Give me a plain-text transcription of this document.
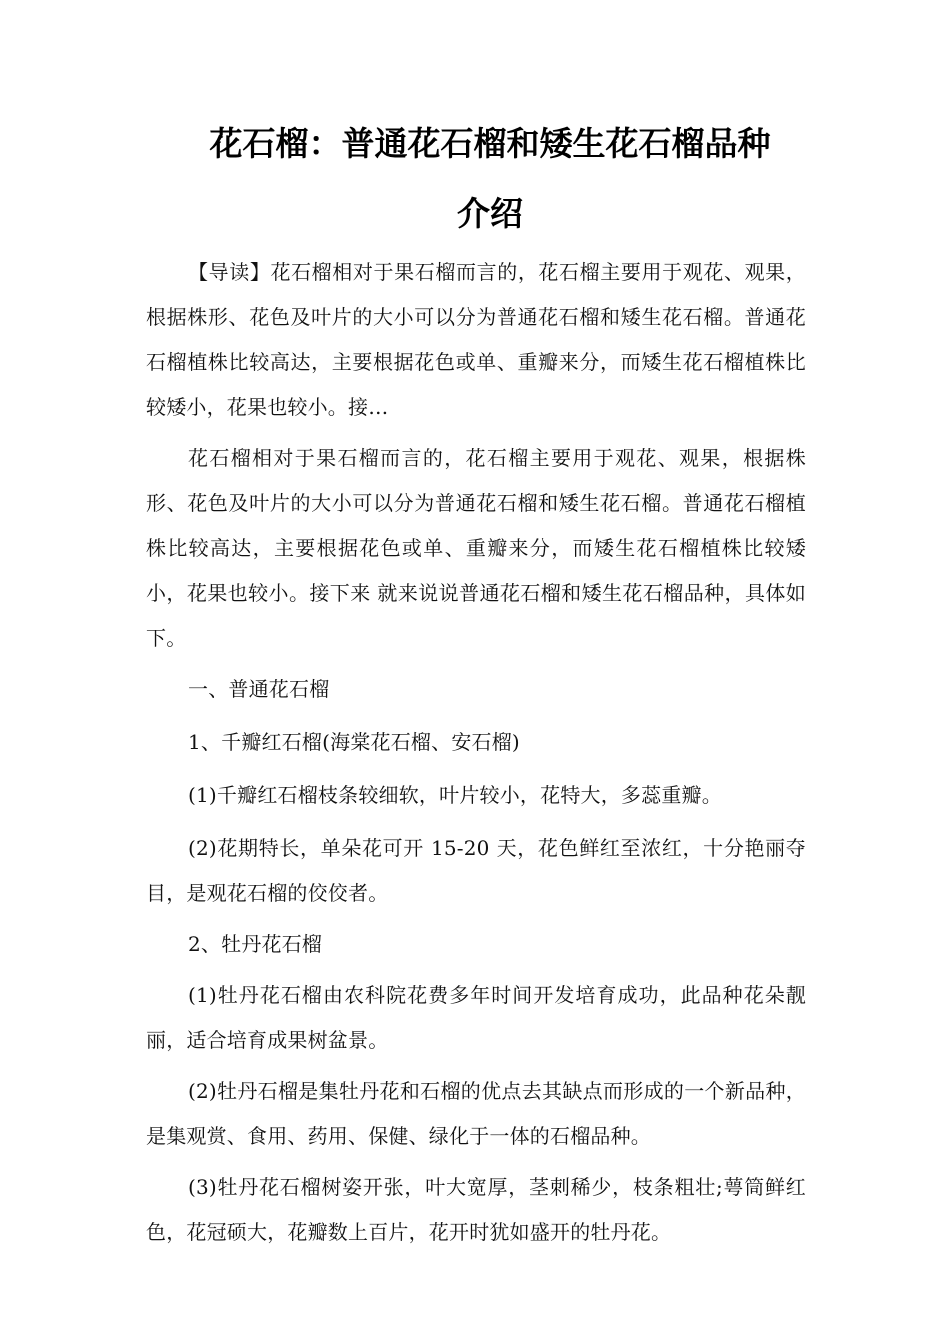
花石榴：普通花石榴和矮生花石榴品种
介绍

【导读】花石榴相对于果石榴而言的，花石榴主要用于观花、观果，根据株形、花色及叶片的大小可以分为普通花石榴和矮生花石榴。普通花石榴植株比较高达，主要根据花色或单、重瓣来分，而矮生花石榴植株比较矮小，花果也较小。接…

花石榴相对于果石榴而言的，花石榴主要用于观花、观果，根据株形、花色及叶片的大小可以分为普通花石榴和矮生花石榴。普通花石榴植株比较高达，主要根据花色或单、重瓣来分，而矮生花石榴植株比较矮小，花果也较小。接下来 就来说说普通花石榴和矮生花石榴品种，具体如下。

一、普通花石榴

1、千瓣红石榴(海棠花石榴、安石榴)

(1)千瓣红石榴枝条较细软，叶片较小，花特大，多蕊重瓣。

(2)花期特长，单朵花可开 15-20 天，花色鲜红至浓红，十分艳丽夺目，是观花石榴的佼佼者。

2、牡丹花石榴

(1)牡丹花石榴由农科院花费多年时间开发培育成功，此品种花朵靓丽，适合培育成果树盆景。

(2)牡丹石榴是集牡丹花和石榴的优点去其缺点而形成的一个新品种，是集观赏、食用、药用、保健、绿化于一体的石榴品种。

(3)牡丹花石榴树姿开张，叶大宽厚，茎刺稀少，枝条粗壮;萼筒鲜红色，花冠硕大，花瓣数上百片，花开时犹如盛开的牡丹花。
